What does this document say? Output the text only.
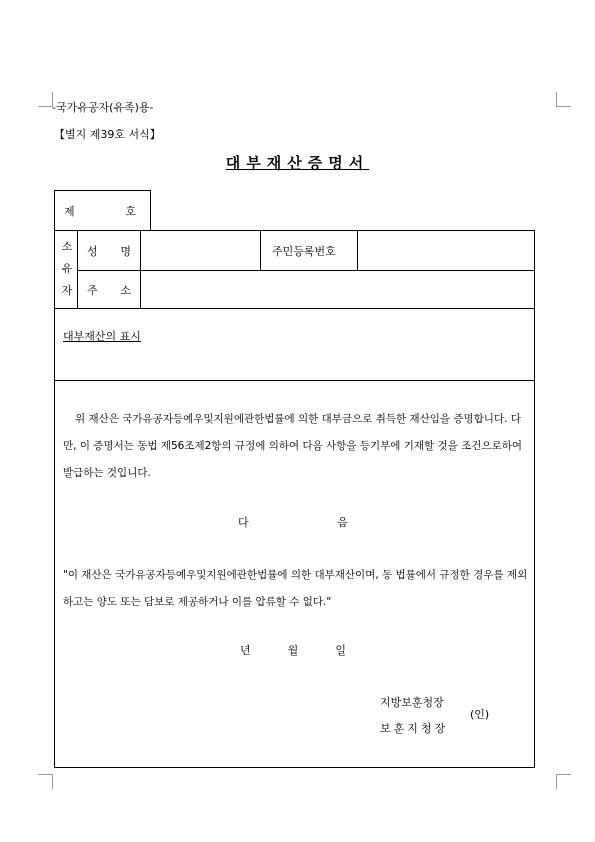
-국가유공자(유족)용-
【별지 제39호 서식】
대부재산증명서
제	호
소
유
자
성 명	주민등록번호
주 소
대부재산의 표시
위 재산은 국가유공자등예우및지원에관한법률에 의한 대부금으로 취득한 재산임을 증명합니다. 다만, 이 증명서는 동법 제56조제2항의 규정에 의하여 다음 사항을 등기부에 기재할 것을 조건으로하여 발급하는 것입니다.
다	음
"이 재산은 국가유공자등예우및지원에관한법률에 의한 대부재산이며, 동 법률에서 규정한 경우를 제외하고는 양도 또는 담보로 제공하거나 이를 압류할 수 없다."
년	월	일
지방보훈청장
보훈지청장
(인)
